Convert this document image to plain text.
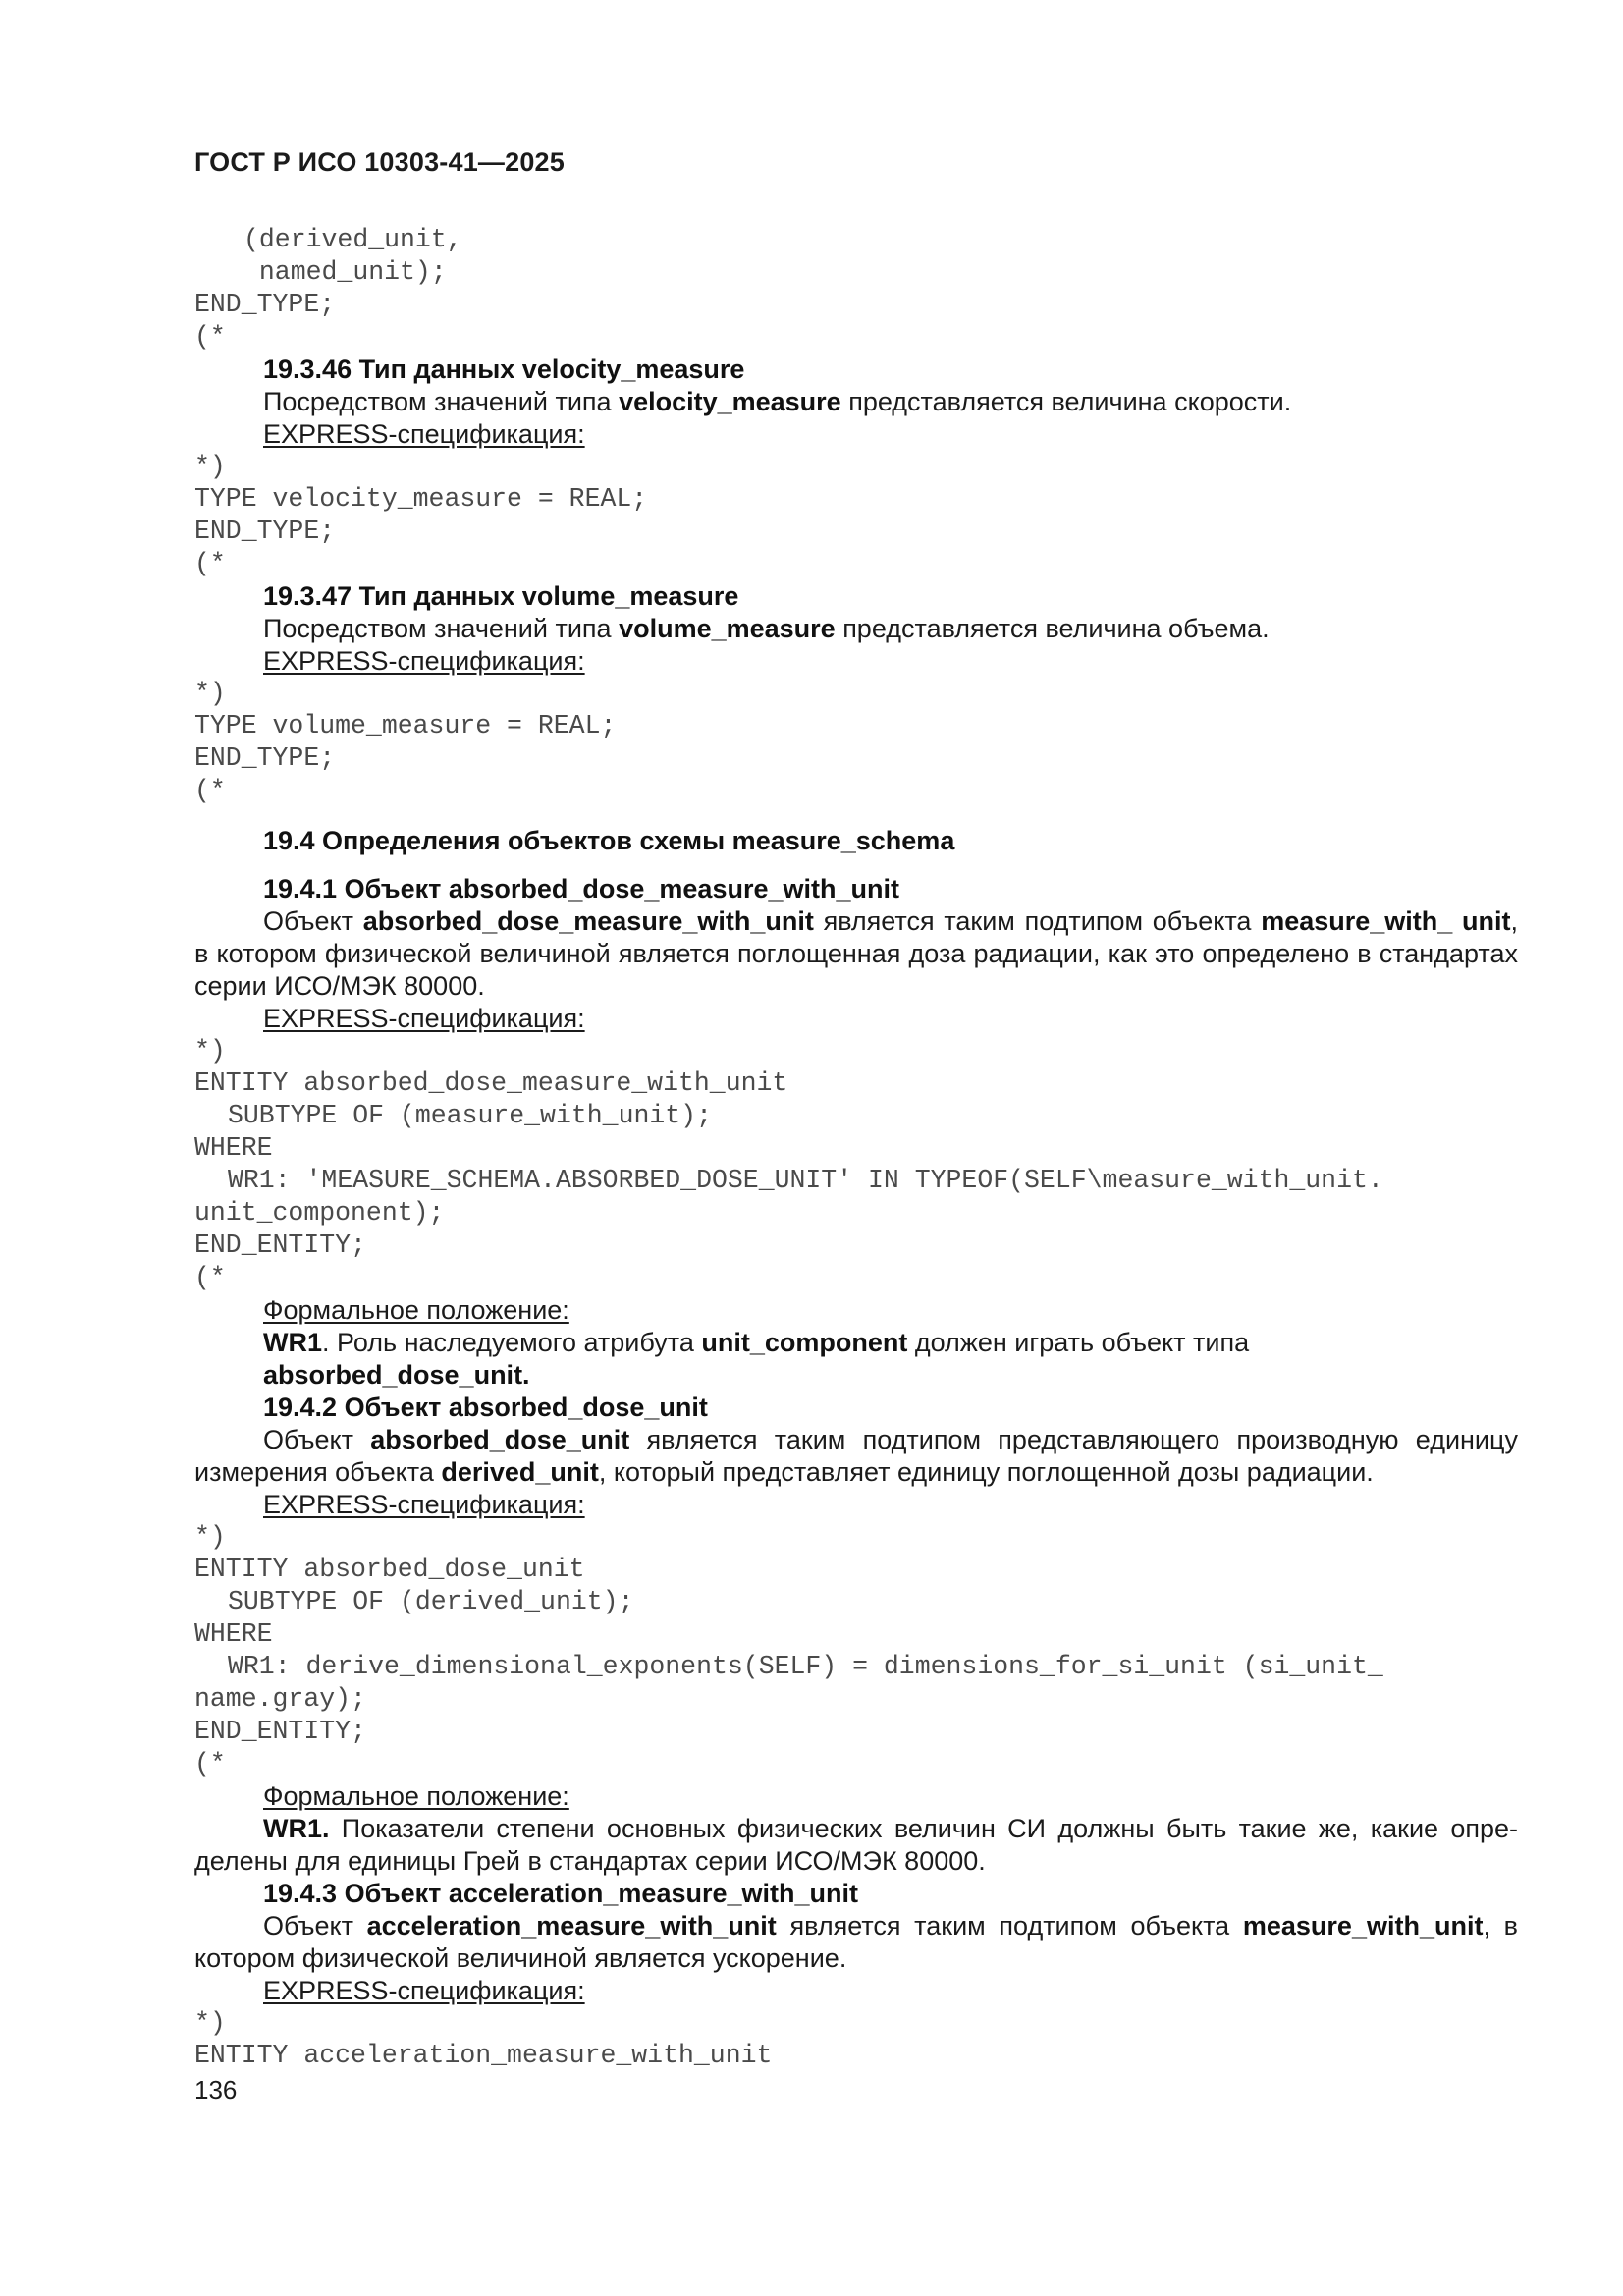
ГОСТ Р ИСО 10303-41—2025
(derived_unit,
named_unit);
END_TYPE;
(*
19.3.46 Тип данных velocity_measure
Посредством значений типа velocity_measure представляется величина скорости.
EXPRESS-спецификация:
*)
TYPE velocity_measure = REAL;
END_TYPE;
(*
19.3.47 Тип данных volume_measure
Посредством значений типа volume_measure представляется величина объема.
EXPRESS-спецификация:
*)
TYPE volume_measure = REAL;
END_TYPE;
(*
19.4 Определения объектов схемы measure_schema
19.4.1 Объект absorbed_dose_measure_with_unit
Объект absorbed_dose_measure_with_unit является таким подтипом объекта measure_with_ unit, в котором физической величиной является поглощенная доза радиации, как это определено в стандартах серии ИСО/МЭК 80000.
EXPRESS-спецификация:
*)
ENTITY absorbed_dose_measure_with_unit
SUBTYPE OF (measure_with_unit);
WHERE
WR1: 'MEASURE_SCHEMA.ABSORBED_DOSE_UNIT' IN TYPEOF(SELF\measure_with_unit.
unit_component);
END_ENTITY;
(*
Формальное положение:
WR1. Роль наследуемого атрибута unit_component должен играть объект типа absorbed_dose_unit.
19.4.2 Объект absorbed_dose_unit
Объект absorbed_dose_unit является таким подтипом представляющего производную единицу измерения объекта derived_unit, который представляет единицу поглощенной дозы радиации.
EXPRESS-спецификация:
*)
ENTITY absorbed_dose_unit
SUBTYPE OF (derived_unit);
WHERE
WR1: derive_dimensional_exponents(SELF) = dimensions_for_si_unit (si_unit_
name.gray);
END_ENTITY;
(*
Формальное положение:
WR1. Показатели степени основных физических величин СИ должны быть такие же, какие опре-делены для единицы Грей в стандартах серии ИСО/МЭК 80000.
19.4.3 Объект acceleration_measure_with_unit
Объект acceleration_measure_with_unit является таким подтипом объекта measure_with_unit, в котором физической величиной является ускорение.
EXPRESS-спецификация:
*)
ENTITY acceleration_measure_with_unit
136
